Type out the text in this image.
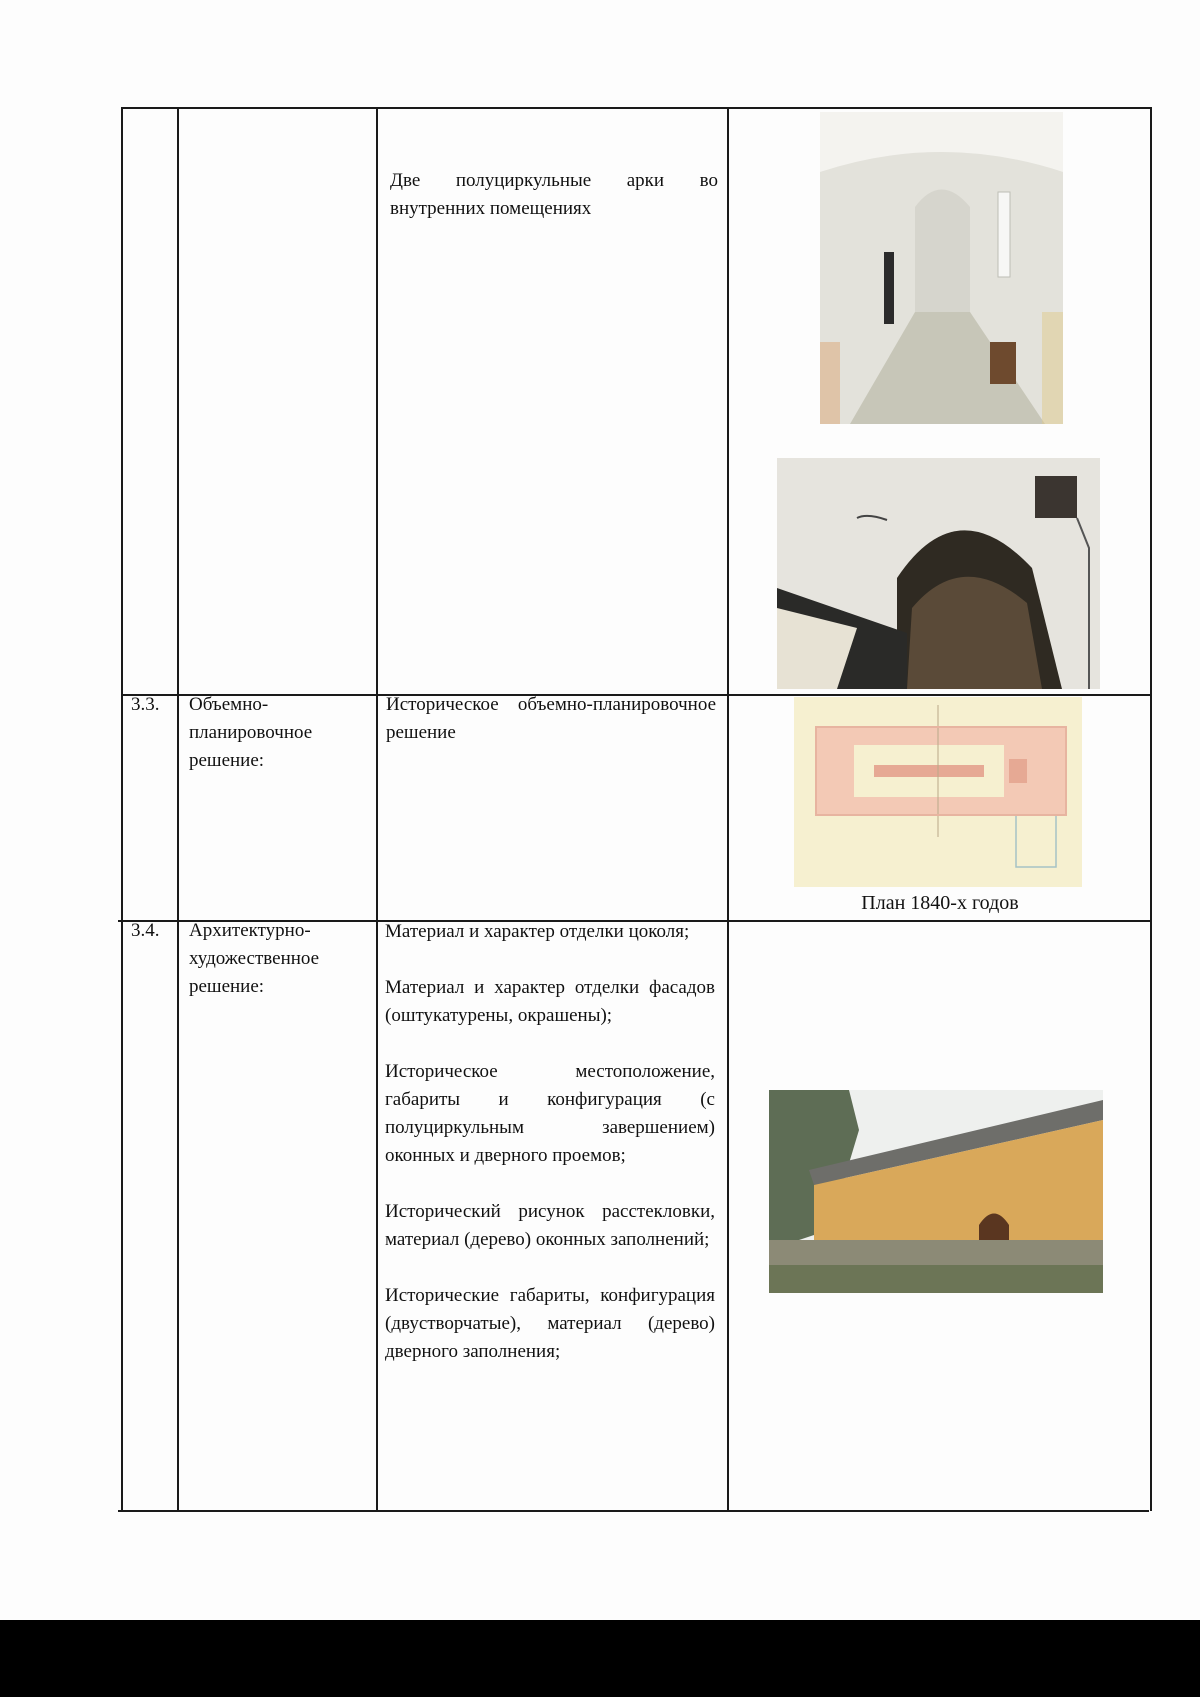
Две полуциркульные арки во внутренних помещениях
3.3. Объемно-планировочное решение:
Историческое объемно-планировочное решение
План 1840-х годов
3.4. Архитектурно-художественное решение:

Материал и характер отделки цоколя;

Материал и характер отделки фасадов (оштукатурены, окрашены);

Историческое местоположение, габариты и конфигурация (с полуциркульным завершением) оконных и дверного проемов;

Исторический рисунок расстекловки, материал (дерево) оконных заполнений;

Исторические габариты, конфигурация (двустворчатые), материал (дерево) дверного заполнения;
